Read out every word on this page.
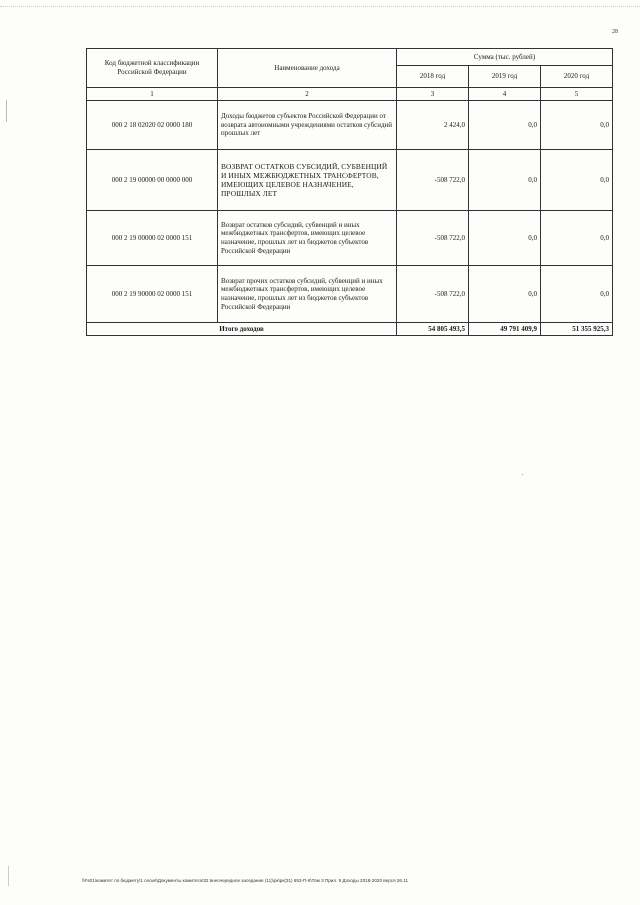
28
Код бюджетной классификации Российской Федерации	Наименование дохода	Сумма (тыс. рублей)		
		2018 год	2019 год	2020 год
1	2	3	4	5
000 2 18 02020 02 0000 180	Доходы бюджетов субъектов Российской Федерации от возврата автономными учреждениями остатков субсидий прошлых лет	2 424,0	0,0	0,0
000 2 19 00000 00 0000 000	ВОЗВРАТ ОСТАТКОВ СУБСИДИЙ, СУБВЕНЦИЙ И ИНЫХ МЕЖБЮДЖЕТНЫХ ТРАНСФЕРТОВ, ИМЕЮЩИХ ЦЕЛЕВОЕ НАЗНАЧЕНИЕ, ПРОШЛЫХ ЛЕТ	-508 722,0	0,0	0,0
000 2 19 00000 02 0000 151	Возврат остатков субсидий, субвенций и иных межбюджетных трансфертов, имеющих целевое назначение, прошлых лет из бюджетов субъектов Российской Федерации	-508 722,0	0,0	0,0
000 2 19 90000 02 0000 151	Возврат прочих остатков субсидий, субвенций и иных межбюджетных трансфертов, имеющих целевое назначение, прошлых лет из бюджетов субъектов Российской Федерации	-508 722,0	0,0	0,0
Итого доходов		54 805 493,5	49 791 409,9	51 355 925,3
\\Fs01\комитет по бюджету\1 сесия\Документы комитета\32 внеочередное заседание (11)\рк\рк(31) 653-П-6\Том 3 Прил. 9 Доходы 2018-2020 верся 26.11
